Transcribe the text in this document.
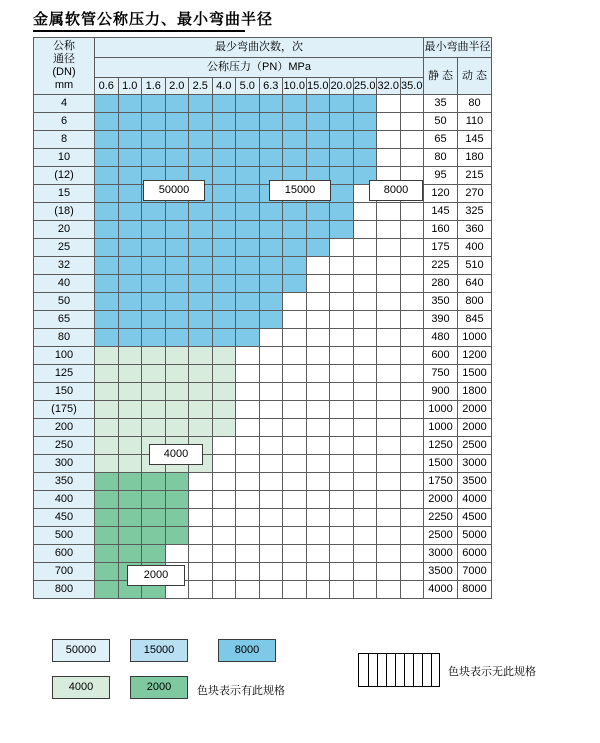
金属软管公称压力、最小弯曲半径
公称
通径
(DN)
mm	最少弯曲次数，次														最小弯曲半径	
	公称压力（PN）MPa														静 态	动 态
	0.6	1.0	1.6	2.0	2.5	4.0	5.0	6.3	10.0	15.0	20.0	25.0	32.0	35.0		
4															35	80
6															50	110
8															65	145
10															80	180
(12)															95	215
15															120	270
(18)															145	325
20															160	360
25															175	400
32															225	510
40															280	640
50															350	800
65															390	845
80															480	1000
100															600	1200
125															750	1500
150															900	1800
(175)															1000	2000
200															1000	2000
250															1250	2500
300															1500	3000
350															1750	3500
400															2000	4000
450															2250	4500
500															2500	5000
600															3000	6000
700															3500	7000
800															4000	8000
50000	15000	8000
4000
2000
50000	15000	8000
4000	2000
色块表示无此规格
色块表示有此规格
